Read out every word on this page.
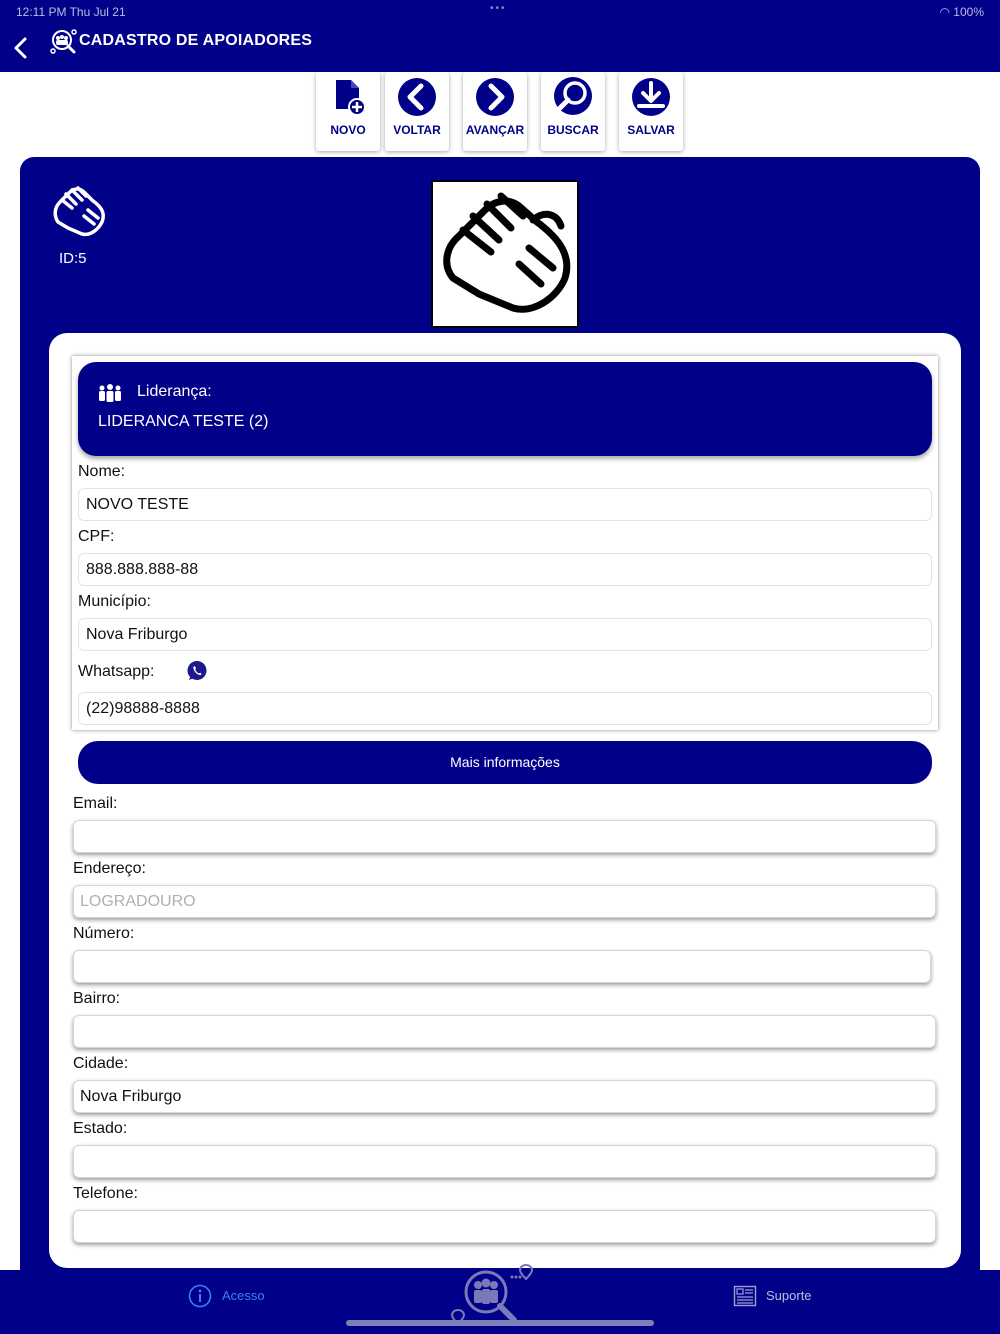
12:11 PM Thu Jul 21	•••	◠ 100%
CADASTRO DE APOIADORES
NOVO	VOLTAR	AVANÇAR	BUSCAR	SALVAR
ID:5
Liderança:
LIDERANCA TESTE (2)
Nome:
NOVO TESTE
CPF:
888.888.888-88
Município:
Nova Friburgo
Whatsapp:
(22)98888-8888
Mais informações
Email:
Endereço:
LOGRADOURO
Número:
Bairro:
Cidade:
Nova Friburgo
Estado:
Telefone:
Acesso	Suporte
